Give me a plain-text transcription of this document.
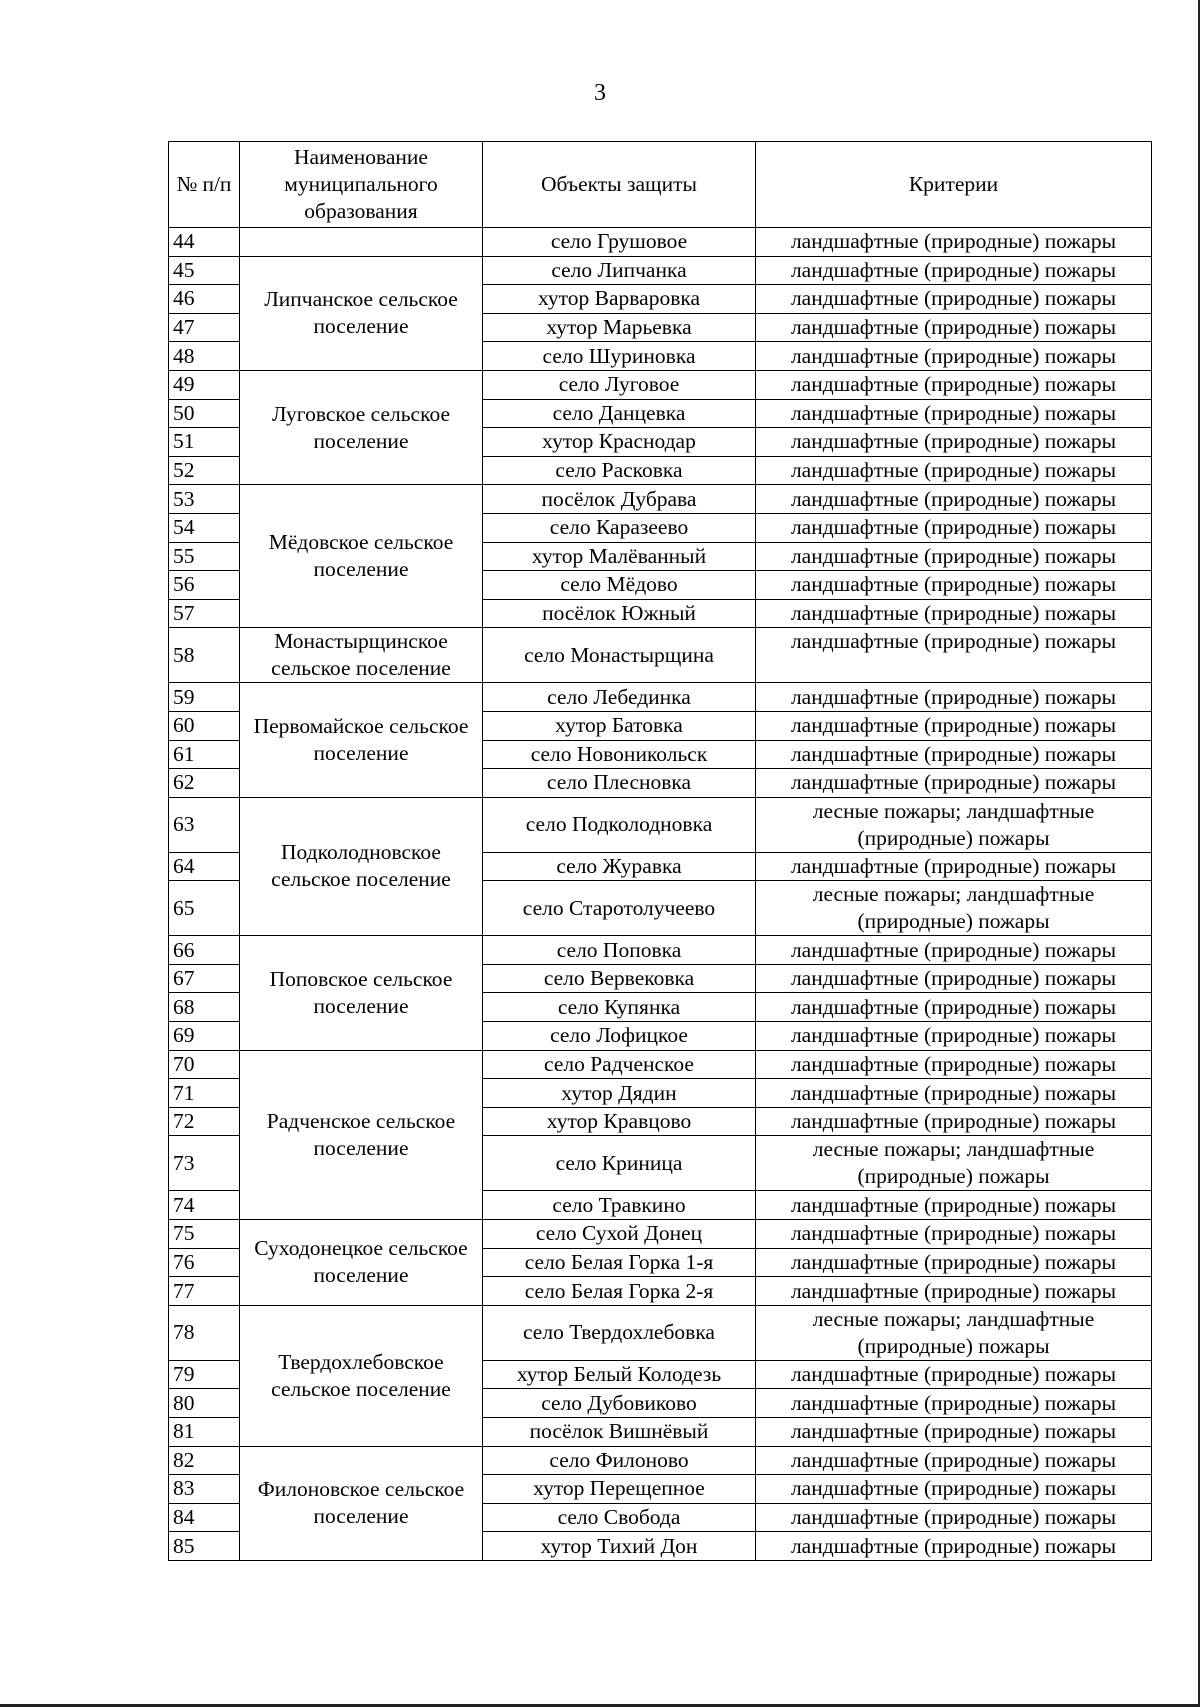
3
№ п/п	Наименование муниципального образования	Объекты защиты	Критерии
44		село Грушовое	ландшафтные (природные) пожары
45	Липчанское сельское поселение	село Липчанка	ландшафтные (природные) пожары
46		хутор Варваровка	ландшафтные (природные) пожары
47		хутор Марьевка	ландшафтные (природные) пожары
48		село Шуриновка	ландшафтные (природные) пожары
49	Луговское сельское поселение	село Луговое	ландшафтные (природные) пожары
50		село Данцевка	ландшафтные (природные) пожары
51		хутор Краснодар	ландшафтные (природные) пожары
52		село Расковка	ландшафтные (природные) пожары
53	Мёдовское сельское поселение	посёлок Дубрава	ландшафтные (природные) пожары
54		село Каразеево	ландшафтные (природные) пожары
55		хутор Малёванный	ландшафтные (природные) пожары
56		село Мёдово	ландшафтные (природные) пожары
57		посёлок Южный	ландшафтные (природные) пожары
58	Монастырщинское сельское поселение	село Монастырщина	ландшафтные (природные) пожары
59	Первомайское сельское поселение	село Лебединка	ландшафтные (природные) пожары
60		хутор Батовка	ландшафтные (природные) пожары
61		село Новоникольск	ландшафтные (природные) пожары
62		село Плесновка	ландшафтные (природные) пожары
63	Подколодновское сельское поселение	село Подколодновка	лесные пожары; ландшафтные (природные) пожары
64		село Журавка	ландшафтные (природные) пожары
65		село Старотолучеево	лесные пожары; ландшафтные (природные) пожары
66	Поповское сельское поселение	село Поповка	ландшафтные (природные) пожары
67		село Вервековка	ландшафтные (природные) пожары
68		село Купянка	ландшафтные (природные) пожары
69		село Лофицкое	ландшафтные (природные) пожары
70	Радченское сельское поселение	село Радченское	ландшафтные (природные) пожары
71		хутор Дядин	ландшафтные (природные) пожары
72		хутор Кравцово	ландшафтные (природные) пожары
73		село Криница	лесные пожары; ландшафтные (природные) пожары
74		село Травкино	ландшафтные (природные) пожары
75	Суходонецкое сельское поселение	село Сухой Донец	ландшафтные (природные) пожары
76		село Белая Горка 1-я	ландшафтные (природные) пожары
77		село Белая Горка 2-я	ландшафтные (природные) пожары
78	Твердохлебовское сельское поселение	село Твердохлебовка	лесные пожары; ландшафтные (природные) пожары
79		хутор Белый Колодезь	ландшафтные (природные) пожары
80		село Дубовиково	ландшафтные (природные) пожары
81		посёлок Вишнёвый	ландшафтные (природные) пожары
82	Филоновское сельское поселение	село Филоново	ландшафтные (природные) пожары
83		хутор Перещепное	ландшафтные (природные) пожары
84		село Свобода	ландшафтные (природные) пожары
85		хутор Тихий Дон	ландшафтные (природные) пожары
